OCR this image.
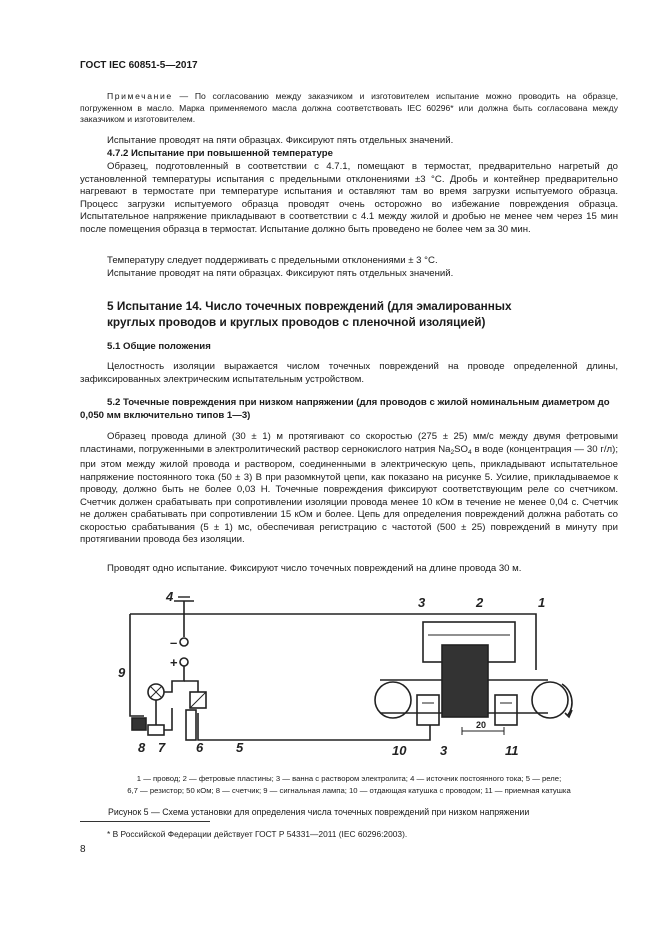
ГОСТ IEC 60851-5—2017
Примечание — По согласованию между заказчиком и изготовителем испытание можно проводить на образце, погруженном в масло. Марка применяемого масла должна соответствовать IEC 60296* или должна быть согласована между заказчиком и изготовителем.
Испытание проводят на пяти образцах. Фиксируют пять отдельных значений.
4.7.2 Испытание при повышенной температуре
Образец, подготовленный в соответствии с 4.7.1, помещают в термостат, предварительно нагретый до установленной температуры испытания с предельными отклонениями ±3 °С. Дробь и контейнер предварительно нагревают в термостате при температуре испытания и оставляют там во время загрузки испытуемого образца. Процесс загрузки испытуемого образца проводят очень осторожно во избежание повреждения образца. Испытательное напряжение прикладывают в соответствии с 4.1 между жилой и дробью не менее чем через 15 мин после помещения образца в термостат. Испытание должно быть проведено не более чем за 30 мин.
Температуру следует поддерживать с предельными отклонениями ± 3 °С.
Испытание проводят на пяти образцах. Фиксируют пять отдельных значений.
5 Испытание 14. Число точечных повреждений (для эмалированных
круглых проводов и круглых проводов с пленочной изоляцией)
5.1 Общие положения
Целостность изоляции выражается числом точечных повреждений на проводе определенной длины, зафиксированных электрическим испытательным устройством.
5.2 Точечные повреждения при низком напряжении (для проводов с жилой номинальным диаметром до 0,050 мм включительно типов 1—3)
Образец провода длиной (30 ± 1) м протягивают со скоростью (275 ± 25) мм/с между двумя фетровыми пластинами, погруженными в электролитический раствор сернокислого натрия $Na_2SO_4$ в воде (концентрация — 30 г/л); при этом между жилой провода и раствором, соединенными в электрическую цепь, прикладывают испытательное напряжение постоянного тока (50 ± 3) В при разомкнутой цепи, как показано на рисунке 5. Усилие, прикладываемое к проводу, должно быть не более 0,03 Н. Точечные повреждения фиксируют соответствующим реле со счетчиком. Счетчик должен срабатывать при сопротивлении изоляции провода менее 10 кОм в течение не менее 0,04 с. Счетчик не должен срабатывать при сопротивлении 15 кОм и более. Цепь для определения повреждений должна работать со скоростью срабатывания (5 ± 1) мс, обеспечивая регистрацию с частотой (500 ± 25) повреждений в минуту при протягивании провода без изоляции.
Проводят одно испытание. Фиксируют число точечных повреждений на длине провода 30 м.
4
–
+
9
8 7 6	5
3	2	1
10	3	11
20
1 — провод; 2 — фетровые пластины; 3 — ванна с раствором электролита; 4 — источник постоянного тока; 5 — реле;
6,7 — резистор; 50 кОм; 8 — счетчик; 9 — сигнальная лампа; 10 — отдающая катушка с проводом; 11 — приемная катушка
Рисунок 5 — Схема установки для определения числа точечных повреждений при низком напряжении
* В Российской Федерации действует ГОСТ Р 54331—2011 (IEC 60296:2003).
8
